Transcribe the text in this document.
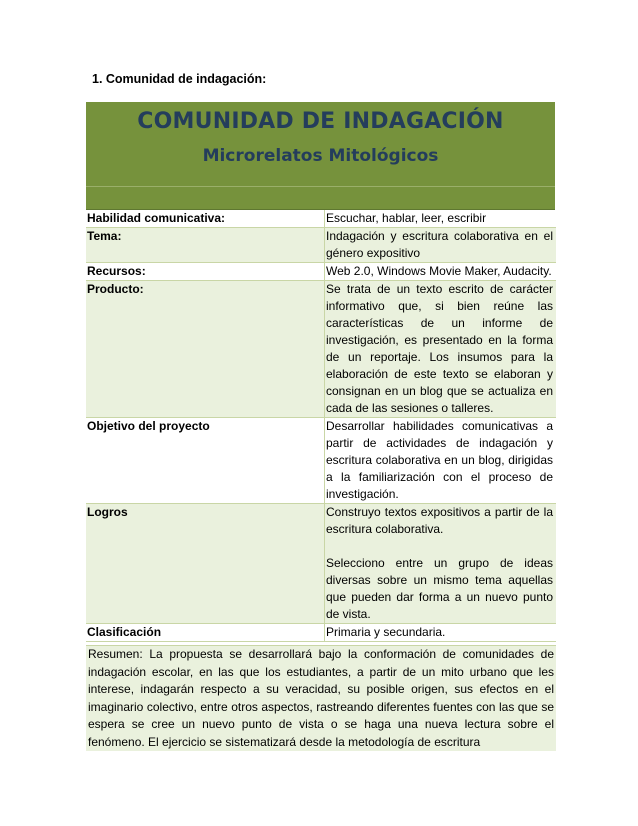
1. Comunidad de indagación:

COMUNIDAD DE INDAGACIÓN
Microrelatos Mitológicos
Habilidad comunicativa:	Escuchar, hablar, leer, escribir
Tema:	Indagación y escritura colaborativa en el género expositivo
Recursos:	Web 2.0, Windows Movie Maker, Audacity.
Producto:	Se trata de un texto escrito de carácter informativo que, si bien reúne las características de un informe de investigación, es presentado en la forma de un reportaje. Los insumos para la elaboración de este texto se elaboran y consignan en un blog que se actualiza en cada de las sesiones o talleres.
Objetivo del proyecto	Desarrollar habilidades comunicativas a partir de actividades de indagación y escritura colaborativa en un blog, dirigidas a la familiarización con el proceso de investigación.
Logros	Construyo textos expositivos a partir de la escritura colaborativa.
Selecciono entre un grupo de ideas diversas sobre un mismo tema aquellas que pueden dar forma a un nuevo punto de vista.

Clasificación	Primaria y secundaria.
Resumen: La propuesta se desarrollará bajo la conformación de comunidades de indagación escolar, en las que los estudiantes, a partir de un mito urbano que les interese, indagarán respecto a su veracidad, su posible origen, sus efectos en el imaginario colectivo, entre otros aspectos, rastreando diferentes fuentes con las que se espera se cree un nuevo punto de vista o se haga una nueva lectura sobre el fenómeno. El ejercicio se sistematizará desde la metodología de escritura
